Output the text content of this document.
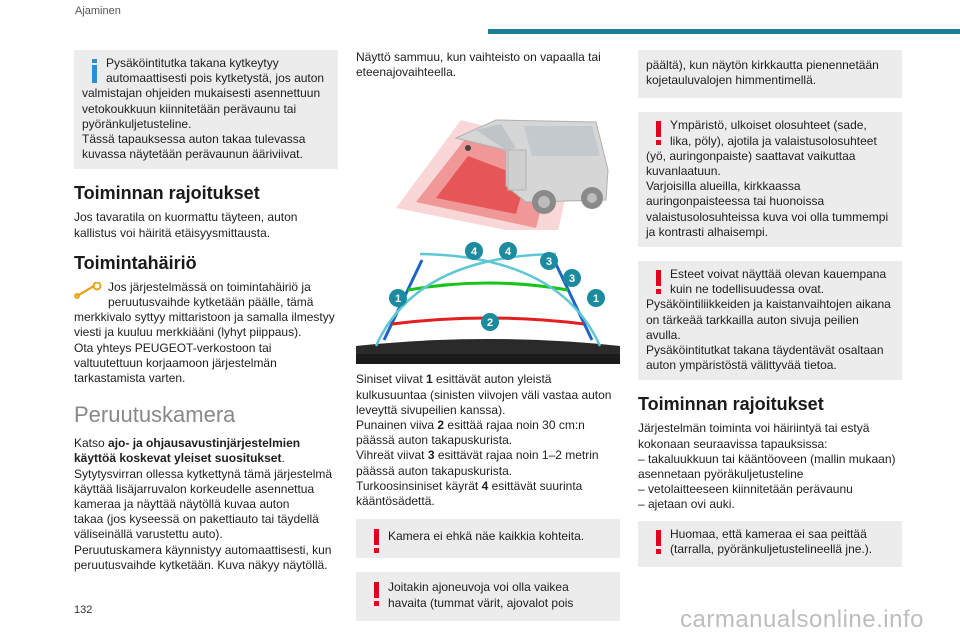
Ajaminen
Pysäköintitutka takana kytkeytyy
automaattisesti pois kytketystä, jos auton
valmistajan ohjeiden mukaisesti asennettuun
vetokoukkuun kiinnitetään perävaunu tai
pyöränkuljetusteline.
Tässä tapauksessa auton takaa tulevassa
kuvassa näytetään perävaunun ääriviivat.
Toiminnan rajoitukset

Jos tavaratila on kuormattu täyteen, auton

kallistus voi häiritä etäisyysmittausta.

Toimintahäiriö

Jos järjestelmässä on toimintahäiriö ja

peruutusvaihde kytketään päälle, tämä

merkkivalo syttyy mittaristoon ja samalla ilmestyy

viesti ja kuuluu merkkiääni (lyhyt piippaus).

Ota yhteys PEUGEOT-verkostoon tai

valtuutettuun korjaamoon järjestelmän

tarkastamista varten.

Peruutuskamera

Katso ajo- ja ohjausavustinjärjestelmien

käyttöä koskevat yleiset suositukset.

Sytytysvirran ollessa kytkettynä tämä järjestelmä

käyttää lisäjarruvalon korkeudelle asennettua

kameraa ja näyttää näytöllä kuvaa auton

takaa (jos kyseessä on pakettiauto tai täydellä

väliseinällä varustettu auto).

Peruutuskamera käynnistyy automaattisesti, kun

peruutusvaihde kytketään. Kuva näkyy näytöllä.

Näyttö sammuu, kun vaihteisto on vapaalla tai

eteenajovaihteella.

1	1
2
3
3
4	4

Siniset viivat 1 esittävät auton yleistä

kulkusuuntaa (sinisten viivojen väli vastaa auton

leveyttä sivupeilien kanssa).

Punainen viiva 2 esittää rajaa noin 30 cm:n

päässä auton takapuskurista.

Vihreät viivat 3 esittävät rajaa noin 1–2 metrin

päässä auton takapuskurista.

Turkoosinsiniset käyrät 4 esittävät suurinta

kääntösädettä.

Kamera ei ehkä näe kaikkia kohteita.
Joitakin ajoneuvoja voi olla vaikea
havaita (tummat värit, ajovalot pois
päältä), kun näytön kirkkautta pienennetään
kojetauluvalojen himmentimellä.
Ympäristö, ulkoiset olosuhteet (sade,
lika, pöly), ajotila ja valaistusolosuhteet
(yö, auringonpaiste) saattavat vaikuttaa
kuvanlaatuun.
Varjoisilla alueilla, kirkkaassa
auringonpaisteessa tai huonoissa
valaistusolosuhteissa kuva voi olla tummempi
ja kontrasti alhaisempi.
Esteet voivat näyttää olevan kauempana
kuin ne todellisuudessa ovat.
Pysäköintiliikkeiden ja kaistanvaihtojen aikana
on tärkeää tarkkailla auton sivuja peilien
avulla.
Pysäköintitutkat takana täydentävät osaltaan
auton ympäristöstä välittyvää tietoa.
Toiminnan rajoitukset

Järjestelmän toiminta voi häiriintyä tai estyä

kokonaan seuraavissa tapauksissa:

– takaluukkuun tai kääntöoveen (mallin mukaan)

asennetaan pyöräkuljetusteline

– vetolaitteeseen kiinnitetään perävaunu

– ajetaan ovi auki.

Huomaa, että kameraa ei saa peittää
(tarralla, pyöränkuljetustelineellä jne.).
132	carmanualsonline.info
